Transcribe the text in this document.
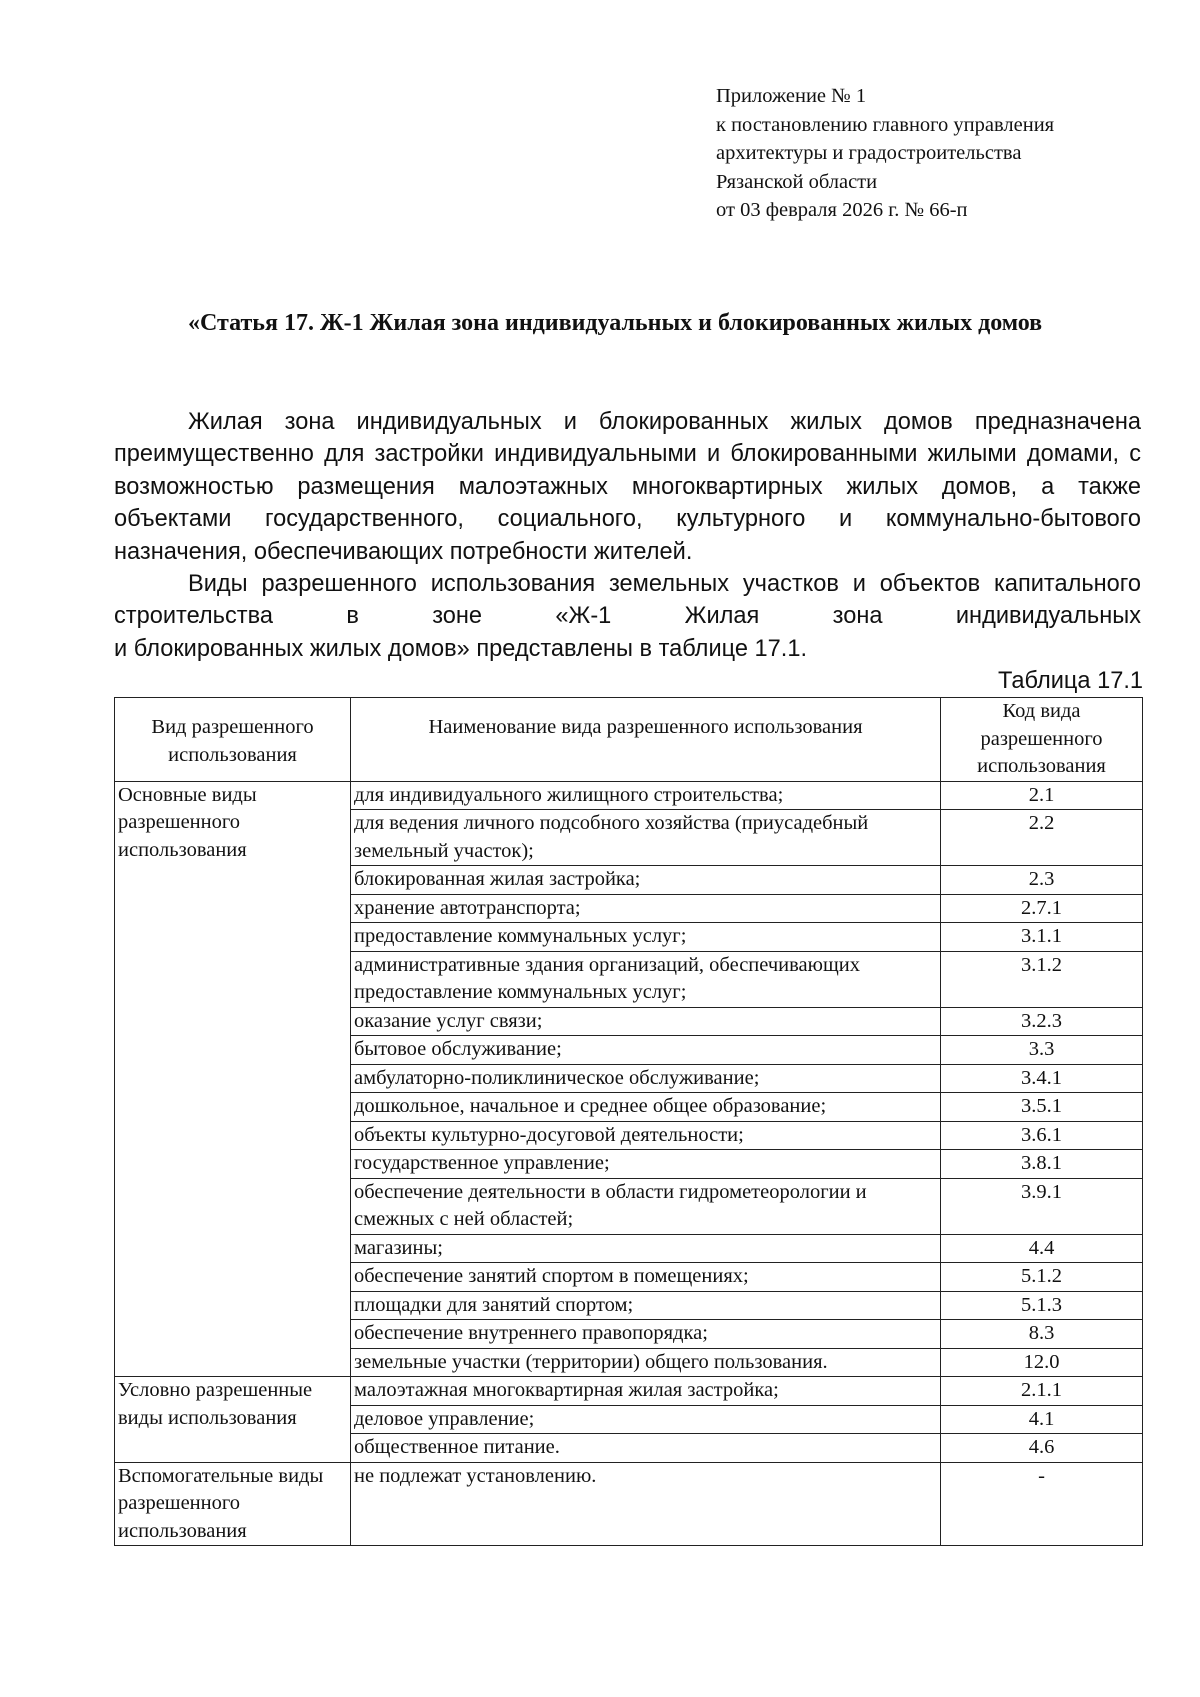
Приложение № 1
к постановлению главного управления
архитектуры и градостроительства
Рязанской области
от 03 февраля 2026 г. № 66-п
«Статья 17. Ж-1 Жилая зона индивидуальных и блокированных жилых домов

Жилая зона индивидуальных и блокированных жилых домов предназначена преимущественно для застройки индивидуальными и блокированными жилыми домами, с возможностью размещения малоэтажных многоквартирных жилых домов, а также объектами государственного, социального, культурного и коммунально-бытового назначения, обеспечивающих потребности жителей.

Виды разрешенного использования земельных участков и объектов капитального строительства в зоне «Ж-1 Жилая зона индивидуальных

и блокированных жилых домов» представлены в таблице 17.1.

Таблица 17.1
Вид разрешенного использования	Наименование вида разрешенного использования	Код вида разрешенного использования
Основные виды разрешенного использования	для индивидуального жилищного строительства;	2.1
	для ведения личного подсобного хозяйства (приусадебный земельный участок);	2.2
	блокированная жилая застройка;	2.3
	хранение автотранспорта;	2.7.1
	предоставление коммунальных услуг;	3.1.1
	административные здания организаций, обеспечивающих предоставление коммунальных услуг;	3.1.2
	оказание услуг связи;	3.2.3
	бытовое обслуживание;	3.3
	амбулаторно-поликлиническое обслуживание;	3.4.1
	дошкольное, начальное и среднее общее образование;	3.5.1
	объекты культурно-досуговой деятельности;	3.6.1
	государственное управление;	3.8.1
	обеспечение деятельности в области гидрометеорологии и смежных с ней областей;	3.9.1
	магазины;	4.4
	обеспечение занятий спортом в помещениях;	5.1.2
	площадки для занятий спортом;	5.1.3
	обеспечение внутреннего правопорядка;	8.3
	земельные участки (территории) общего пользования.	12.0
Условно разрешенные виды использования	малоэтажная многоквартирная жилая застройка;	2.1.1
	деловое управление;	4.1
	общественное питание.	4.6
Вспомогательные виды разрешенного использования	не подлежат установлению.	-
